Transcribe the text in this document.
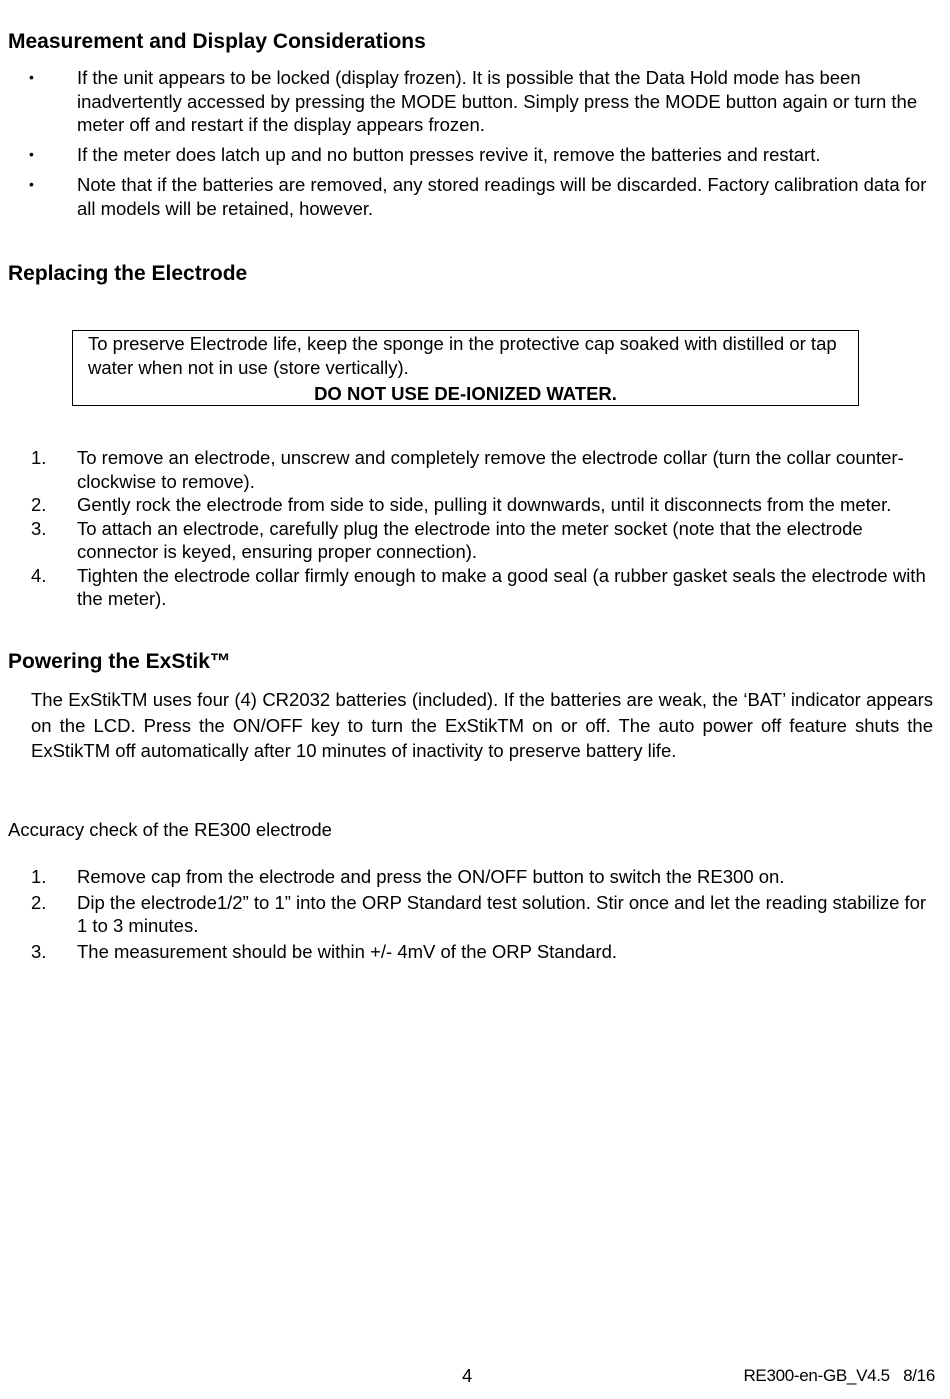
Measurement and Display Considerations
• If the unit appears to be locked (display frozen). It is possible that the Data Hold mode has been inadvertently accessed by pressing the MODE button. Simply press the MODE button again or turn the meter off and restart if the display appears frozen.
• If the meter does latch up and no button presses revive it, remove the batteries and restart.
• Note that if the batteries are removed, any stored readings will be discarded. Factory calibration data for all models will be retained, however.
Replacing the Electrode

To preserve Electrode life, keep the sponge in the protective cap soaked with distilled or tap water when not in use (store vertically).

DO NOT USE DE-IONIZED WATER.

1. To remove an electrode, unscrew and completely remove the electrode collar (turn the collar counter-clockwise to remove).
2. Gently rock the electrode from side to side, pulling it downwards, until it disconnects from the meter.
3. To attach an electrode, carefully plug the electrode into the meter socket (note that the electrode connector is keyed, ensuring proper connection).
4. Tighten the electrode collar firmly enough to make a good seal (a rubber gasket seals the electrode with the meter).
Powering the ExStik™

The ExStikTM uses four (4) CR2032 batteries (included). If the batteries are weak, the ‘BAT’ indicator appears on the LCD. Press the ON/OFF key to turn the ExStikTM on or off. The auto power off feature shuts the ExStikTM off automatically after 10 minutes of inactivity to preserve battery life.

Accuracy check of the RE300 electrode

1. Remove cap from the electrode and press the ON/OFF button to switch the RE300 on.
2. Dip the electrode1/2” to 1” into the ORP Standard test solution. Stir once and let the reading stabilize for 1 to 3 minutes.
3. The measurement should be within +/- 4mV of the ORP Standard.
4	RE300-en-GB_V4.5   8/16
